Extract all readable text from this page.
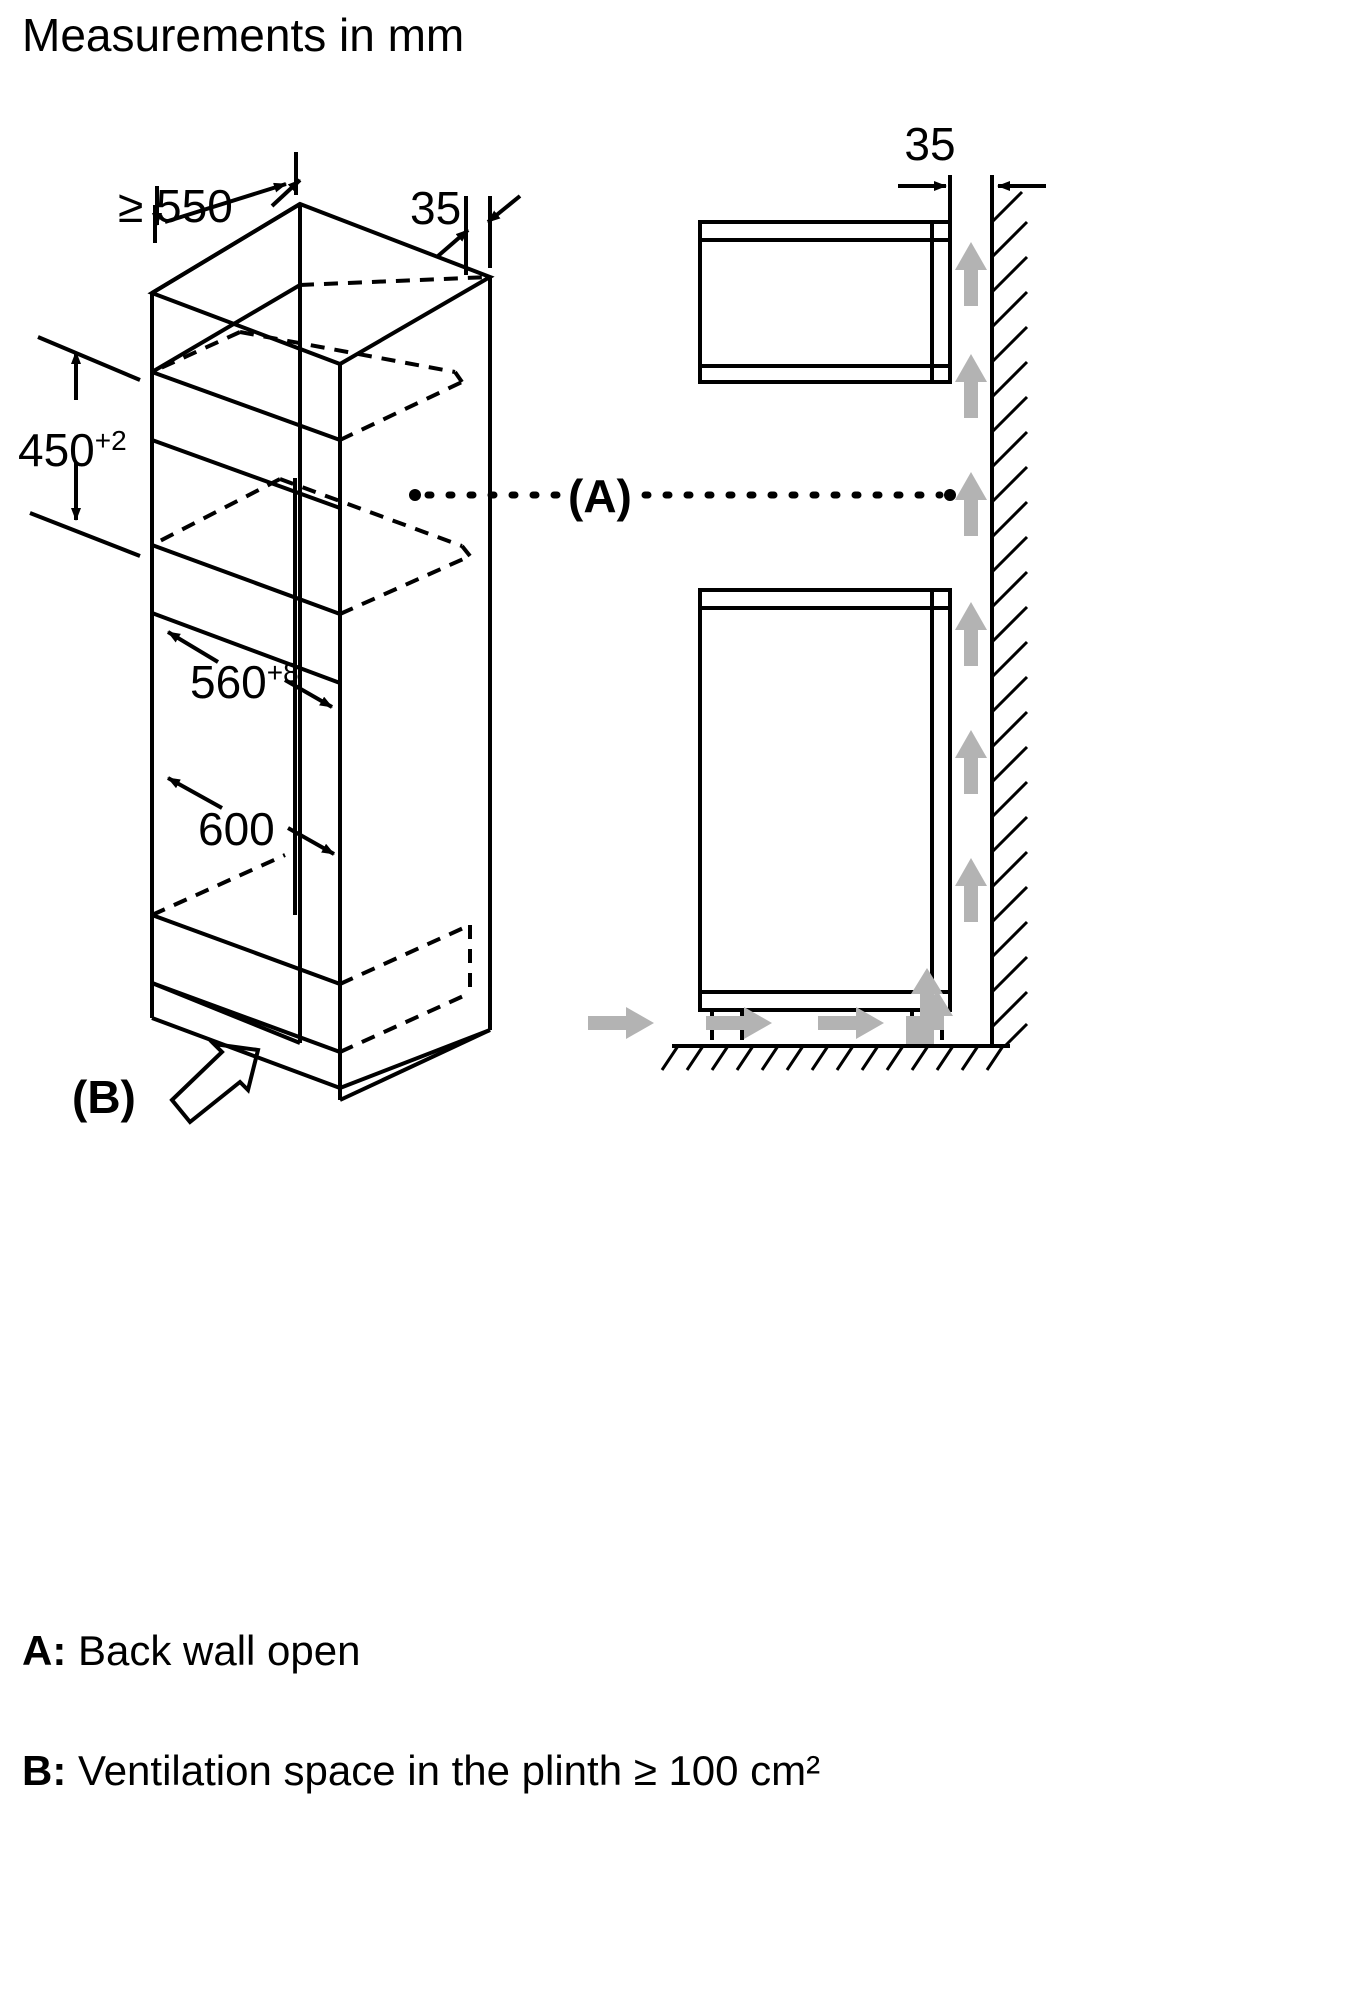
Measurements in mm
≥ 550	35
$450^{+2}$
$560^{+8}$
600
(B)
(A)
35
A: Back wall open
B: Ventilation space in the plinth ≥ 100 cm²
